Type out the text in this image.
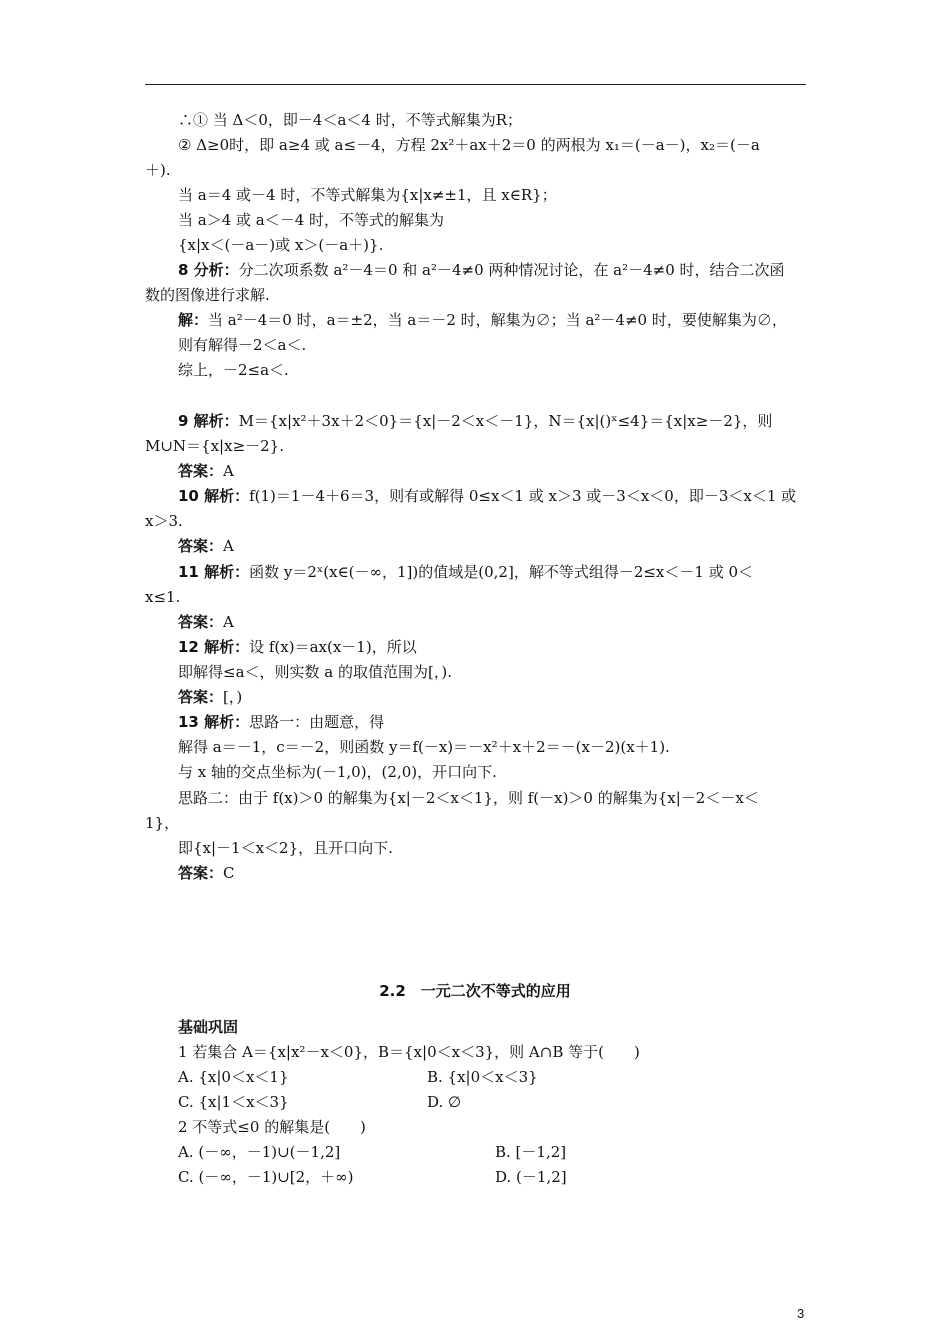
∴① 当 Δ＜0，即－4＜a＜4 时，不等式解集为R；
② Δ≥0时，即 a≥4 或 a≤－4，方程 2x²＋ax＋2＝0 的两根为 x₁＝(－a－)，x₂＝(－a
＋).
当 a＝4 或－4 时，不等式解集为{x|x≠±1，且 x∈R}；
当 a＞4 或 a＜－4 时，不等式的解集为
{x|x＜(－a－)或 x＞(－a＋)}.
8 分析：分二次项系数 a²－4＝0 和 a²－4≠0 两种情况讨论，在 a²－4≠0 时，结合二次函
数的图像进行求解.
解：当 a²－4＝0 时，a＝±2，当 a＝－2 时，解集为∅；当 a²－4≠0 时，要使解集为∅，
则有解得－2＜a＜.
综上，－2≤a＜.
9 解析：M＝{x|x²＋3x＋2＜0}＝{x|－2＜x＜－1}，N＝{x|()ˣ≤4}＝{x|x≥－2}，则
M∪N＝{x|x≥－2}.
答案：A
10 解析：f(1)＝1－4＋6＝3，则有或解得 0≤x＜1 或 x＞3 或－3＜x＜0，即－3＜x＜1 或
x＞3.
答案：A
11 解析：函数 y＝2ˣ(x∈(－∞，1])的值域是(0,2]，解不等式组得－2≤x＜－1 或 0＜
x≤1.
答案：A
12 解析：设 f(x)＝ax(x－1)，所以
即解得≤a＜，则实数 a 的取值范围为[，).
答案：[，)
13 解析：思路一：由题意，得
解得 a＝－1，c＝－2，则函数 y＝f(－x)＝－x²＋x＋2＝－(x－2)(x＋1).
与 x 轴的交点坐标为(－1,0)，(2,0)，开口向下.
思路二：由于 f(x)＞0 的解集为{x|－2＜x＜1}，则 f(－x)＞0 的解集为{x|－2＜－x＜
1}，
即{x|－1＜x＜2}，且开口向下.
答案：C
基础巩固
1 若集合 A＝{x|x²－x＜0}，B＝{x|0＜x＜3}，则 A∩B 等于(　　)
A. {x|0＜x＜1}	B. {x|0＜x＜3}
C. {x|1＜x＜3}	D. ∅
2 不等式≤0 的解集是(　　)
A. (－∞，－1)∪(－1,2]	B. [－1,2]
C. (－∞，－1)∪[2，＋∞)	D. (－1,2]
2.2　一元二次不等式的应用
3
